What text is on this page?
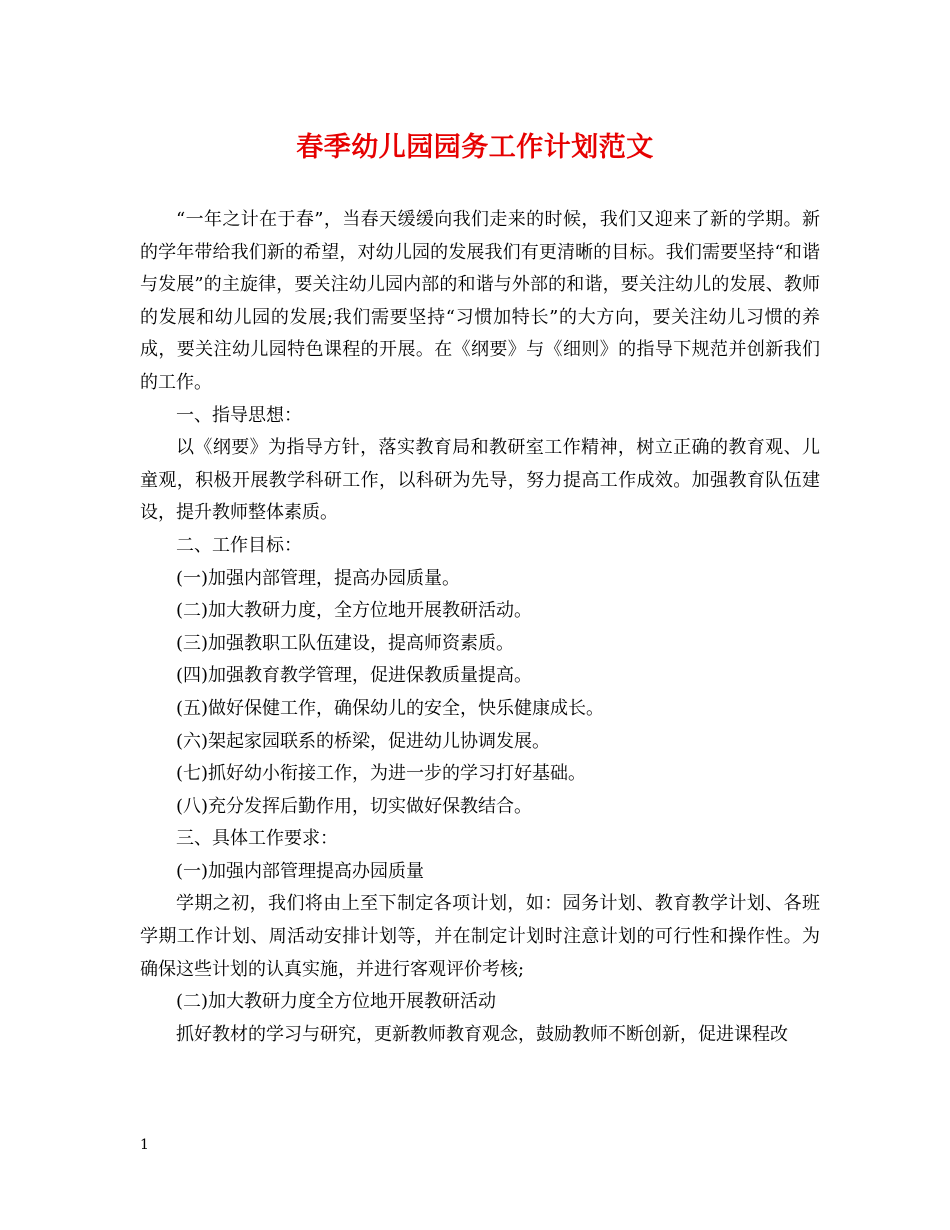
春季幼儿园园务工作计划范文

“一年之计在于春”，当春天缓缓向我们走来的时候，我们又迎来了新的学期。新的学年带给我们新的希望，对幼儿园的发展我们有更清晰的目标。我们需要坚持“和谐与发展”的主旋律，要关注幼儿园内部的和谐与外部的和谐，要关注幼儿的发展、教师的发展和幼儿园的发展;我们需要坚持“习惯加特长”的大方向，要关注幼儿习惯的养成，要关注幼儿园特色课程的开展。在《纲要》与《细则》的指导下规范并创新我们的工作。

一、指导思想：

以《纲要》为指导方针，落实教育局和教研室工作精神，树立正确的教育观、儿童观，积极开展教学科研工作，以科研为先导，努力提高工作成效。加强教育队伍建设，提升教师整体素质。

二、工作目标：

(一)加强内部管理，提高办园质量。

(二)加大教研力度，全方位地开展教研活动。

(三)加强教职工队伍建设，提高师资素质。

(四)加强教育教学管理，促进保教质量提高。

(五)做好保健工作，确保幼儿的安全，快乐健康成长。

(六)架起家园联系的桥梁，促进幼儿协调发展。

(七)抓好幼小衔接工作，为进一步的学习打好基础。

(八)充分发挥后勤作用，切实做好保教结合。

三、具体工作要求：

(一)加强内部管理提高办园质量

学期之初，我们将由上至下制定各项计划，如：园务计划、教育教学计划、各班学期工作计划、周活动安排计划等，并在制定计划时注意计划的可行性和操作性。为确保这些计划的认真实施，并进行客观评价考核;

(二)加大教研力度全方位地开展教研活动

抓好教材的学习与研究，更新教师教育观念，鼓励教师不断创新，促进课程改

1
